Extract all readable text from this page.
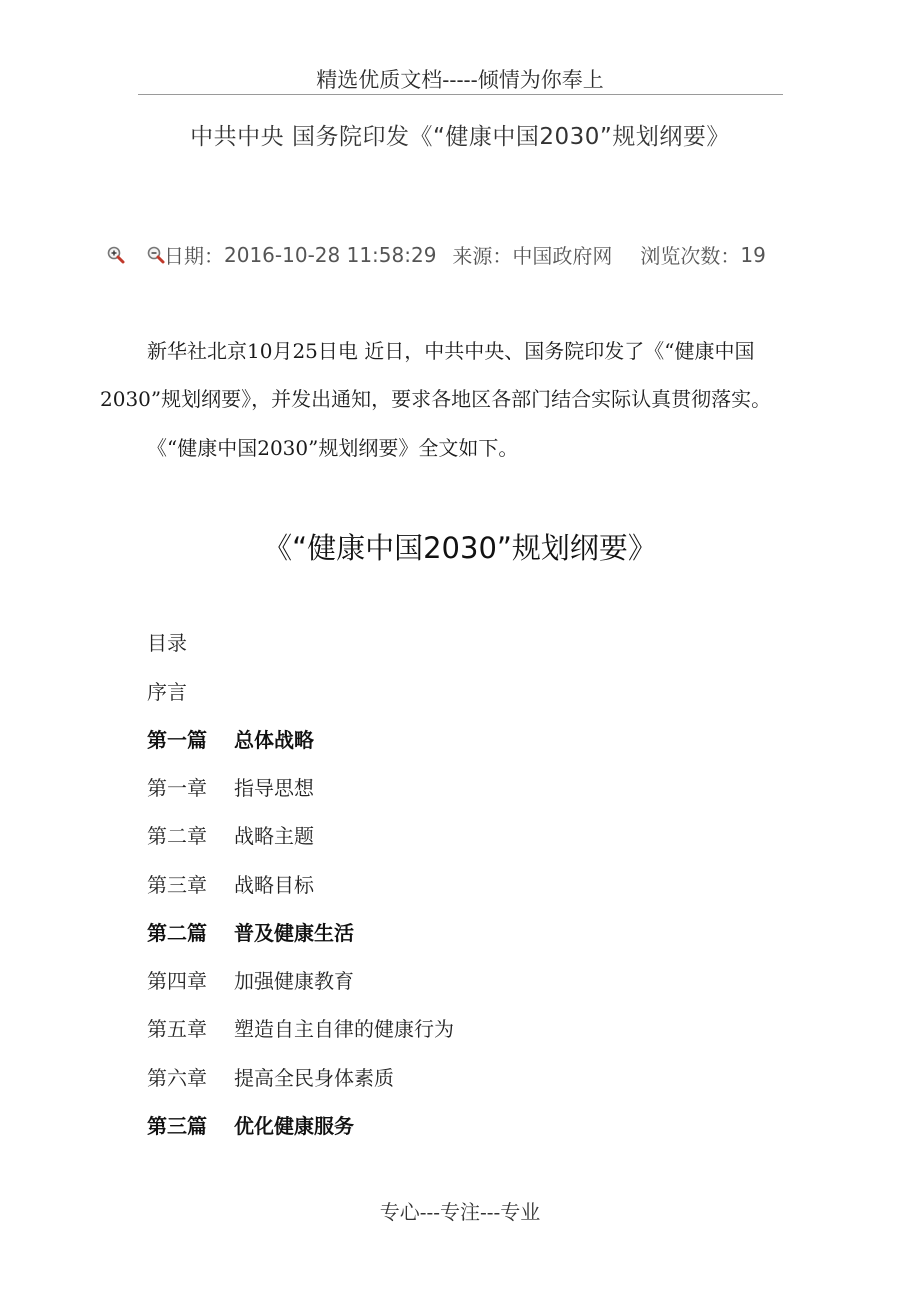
精选优质文档-----倾情为你奉上
中共中央 国务院印发《“健康中国2030”规划纲要》
日期： 2016-10-28 11:58:29 来源： 中国政府网 浏览次数： 19
新华社北京10月25日电 近日，中共中央、国务院印发了《“健康中国
2030”规划纲要》，并发出通知，要求各地区各部门结合实际认真贯彻落实。
《“健康中国2030”规划纲要》全文如下。
《“健康中国2030”规划纲要》
目录
序言
第一篇 总体战略
第一章 指导思想
第二章 战略主题
第三章 战略目标
第二篇 普及健康生活
第四章 加强健康教育
第五章 塑造自主自律的健康行为
第六章 提高全民身体素质
第三篇 优化健康服务
专心---专注---专业
